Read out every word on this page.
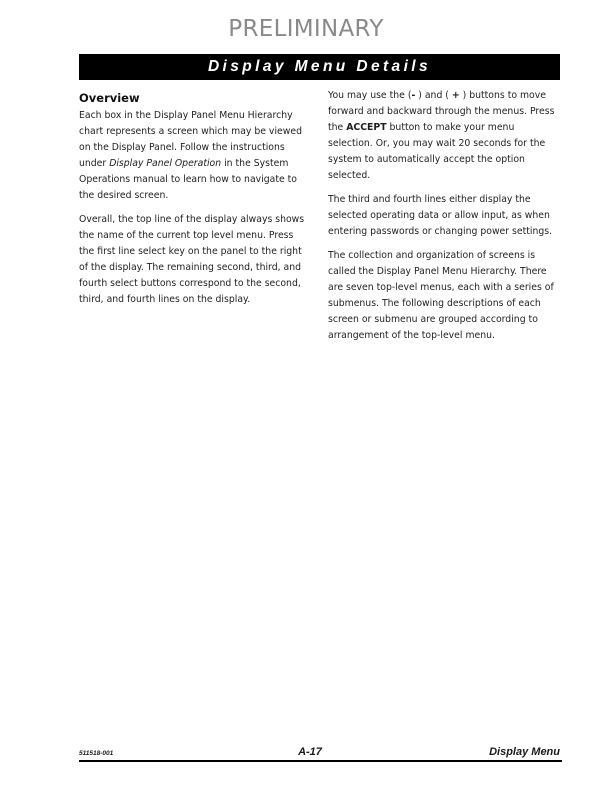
PRELIMINARY
Display Menu Details
Overview

Each box in the Display Panel Menu Hierarchy chart represents a screen which may be viewed on the Display Panel. Follow the instructions under Display Panel Operation in the System Operations manual to learn how to navigate to the desired screen.

Overall, the top line of the display always shows the name of the current top level menu. Press the first line select key on the panel to the right of the display. The remaining second, third, and fourth select buttons correspond to the second, third, and fourth lines on the display.

You may use the (- ) and ( + ) buttons to move forward and backward through the menus. Press the ACCEPT button to make your menu selection. Or, you may wait 20 seconds for the system to automatically accept the option selected.

The third and fourth lines either display the selected operating data or allow input, as when entering passwords or changing power settings.

The collection and organization of screens is called the Display Panel Menu Hierarchy. There are seven top-level menus, each with a series of submenus. The following descriptions of each screen or submenu are grouped according to arrangement of the top-level menu.

511518-001	A-17	Display Menu
